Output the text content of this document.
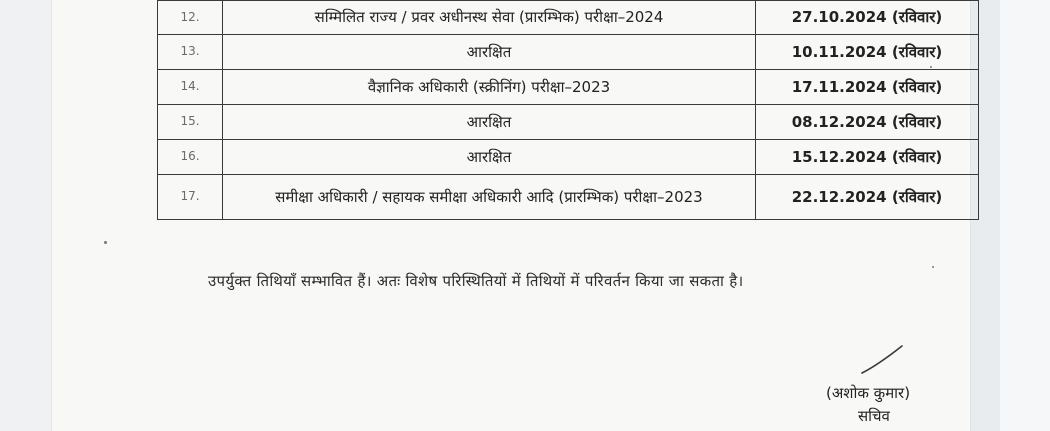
12.	सम्मिलित राज्य / प्रवर अधीनस्थ सेवा (प्रारम्भिक) परीक्षा–2024	27.10.2024 (रविवार)
13.	आरक्षित	10.11.2024 (रविवार)
14.	वैज्ञानिक अधिकारी (स्क्रीनिंग) परीक्षा–2023	17.11.2024 (रविवार)
15.	आरक्षित	08.12.2024 (रविवार)
16.	आरक्षित	15.12.2024 (रविवार)
17.	समीक्षा अधिकारी / सहायक समीक्षा अधिकारी आदि (प्रारम्भिक) परीक्षा–2023	22.12.2024 (रविवार)
उपर्युक्त तिथियाँ सम्भावित हैं। अतः विशेष परिस्थितियों में तिथियों में परिवर्तन किया जा सकता है।
(अशोक कुमार)
सचिव
